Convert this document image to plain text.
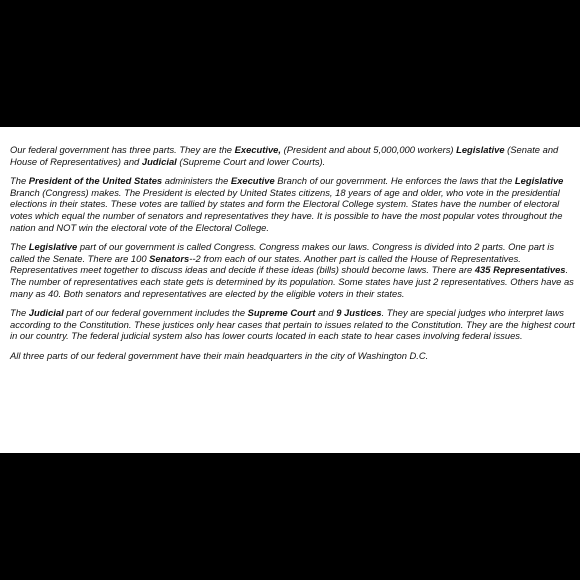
Our federal government has three parts. They are the Executive, (President and about 5,000,000 workers) Legislative (Senate and House of Representatives) and Judicial (Supreme Court and lower Courts).

The President of the United States administers the Executive Branch of our government. He enforces the laws that the Legislative Branch (Congress) makes. The President is elected by United States citizens, 18 years of age and older, who vote in the presidential elections in their states. These votes are tallied by states and form the Electoral College system. States have the number of electoral votes which equal the number of senators and representatives they have. It is possible to have the most popular votes throughout the nation and NOT win the electoral vote of the Electoral College.

The Legislative part of our government is called Congress. Congress makes our laws. Congress is divided into 2 parts. One part is called the Senate. There are 100 Senators--2 from each of our states. Another part is called the House of Representatives. Representatives meet together to discuss ideas and decide if these ideas (bills) should become laws. There are 435 Representatives. The number of representatives each state gets is determined by its population. Some states have just 2 representatives. Others have as many as 40. Both senators and representatives are elected by the eligible voters in their states.

The Judicial part of our federal government includes the Supreme Court and 9 Justices. They are special judges who interpret laws according to the Constitution. These justices only hear cases that pertain to issues related to the Constitution. They are the highest court in our country. The federal judicial system also has lower courts located in each state to hear cases involving federal issues.

All three parts of our federal government have their main headquarters in the city of Washington D.C.
